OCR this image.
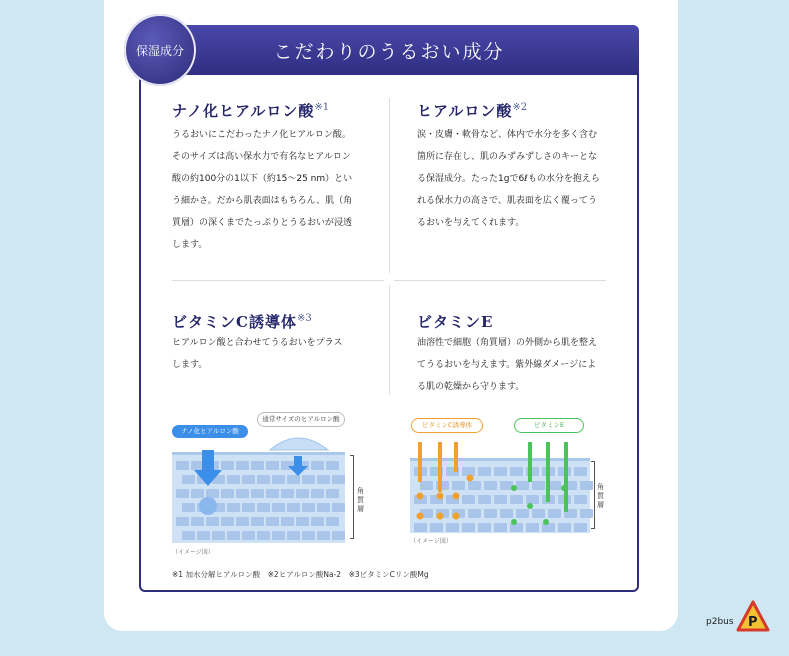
こだわりのうるおい成分
保湿成分
ナノ化ヒアルロン酸$^{※1}$
うるおいにこだわったナノ化ヒアルロン酸。
そのサイズは高い保水力で有名なヒアルロン
酸の約100分の1以下（約15〜25 nm）とい
う細かさ。だから肌表面はもちろん、肌（角
質層）の深くまでたっぷりとうるおいが浸透
します。
ヒアルロン酸$^{※2}$
涙・皮膚・軟骨など、体内で水分を多く含む
箇所に存在し、肌のみずみずしさのキーとな
る保湿成分。たった1gで6ℓもの水分を抱えら
れる保水力の高さで、肌表面を広く覆ってう
るおいを与えてくれます。
ビタミンC誘導体$^{※3}$
ヒアルロン酸と合わせてうるおいをプラス
します。
ビタミンE
油溶性で細胞（角質層）の外側から肌を整え
てうるおいを与えます。紫外線ダメージによ
る肌の乾燥から守ります。
ナノ化ヒアルロン酸
通常サイズのヒアルロン酸
角質層
（イメージ図）
ビタミンC誘導体	ビタミンE
角質層
（イメージ図）
※1 加水分解ヒアルロン酸　※2ヒアルロン酸Na-2　※3ビタミンCリン酸Mg
p2bus P
